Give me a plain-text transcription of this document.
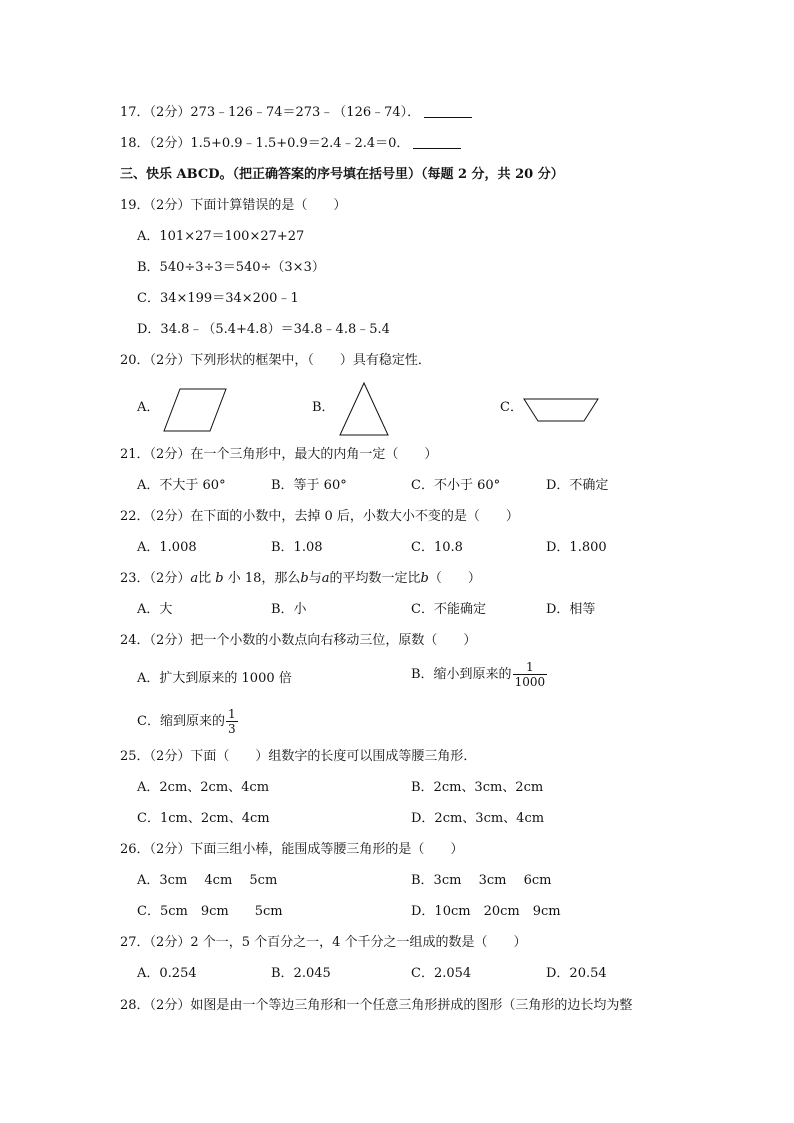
17．（2分）273﹣126﹣74＝273﹣（126﹣74）．
18．（2分）1.5+0.9﹣1.5+0.9＝2.4﹣2.4＝0．
三、快乐 ABCD。（把正确答案的序号填在括号里）（每题 2 分，共 20 分）
19．（2分）下面计算错误的是（　　）
A．101×27＝100×27+27
B．540÷3÷3＝540÷（3×3）
C．34×199＝34×200﹣1
D．34.8﹣（5.4+4.8）＝34.8﹣4.8﹣5.4
20．（2分）下列形状的框架中，（　　）具有稳定性．
A．	B．	C．
21．（2分）在一个三角形中，最大的内角一定（　　）
A．不大于 60°	B．等于 60°	C．不小于 60°	D．不确定
22．（2分）在下面的小数中，去掉 0 后，小数大小不变的是（　　）
A．1.008	B．1.08	C．10.8	D．1.800
23．（2分）a比 b 小 18，那么b与a的平均数一定比b（　　）
A．大	B．小	C．不能确定	D．相等
24．（2分）把一个小数的小数点向右移动三位，原数（　　）
A．扩大到原来的 1000 倍	B．缩小到原来的 $\frac{1}{1000}$
C．缩到原来的 $\frac{1}{3}$
25．（2分）下面（　　）组数字的长度可以围成等腰三角形．
A．2cm、2cm、4cm	B．2cm、3cm、2cm
C．1cm、2cm、4cm	D．2cm、3cm、4cm
26．（2分）下面三组小棒，能围成等腰三角形的是（　　）
A．3cm　 4cm　 5cm	B．3cm　 3cm　 6cm
C．5cm　9cm　　5cm	D．10cm　20cm　9cm
27．（2分）2 个一，5 个百分之一，4 个千分之一组成的数是（　　）
A．0.254	B．2.045	C．2.054	D．20.54
28．（2分）如图是由一个等边三角形和一个任意三角形拼成的图形（三角形的边长均为整
